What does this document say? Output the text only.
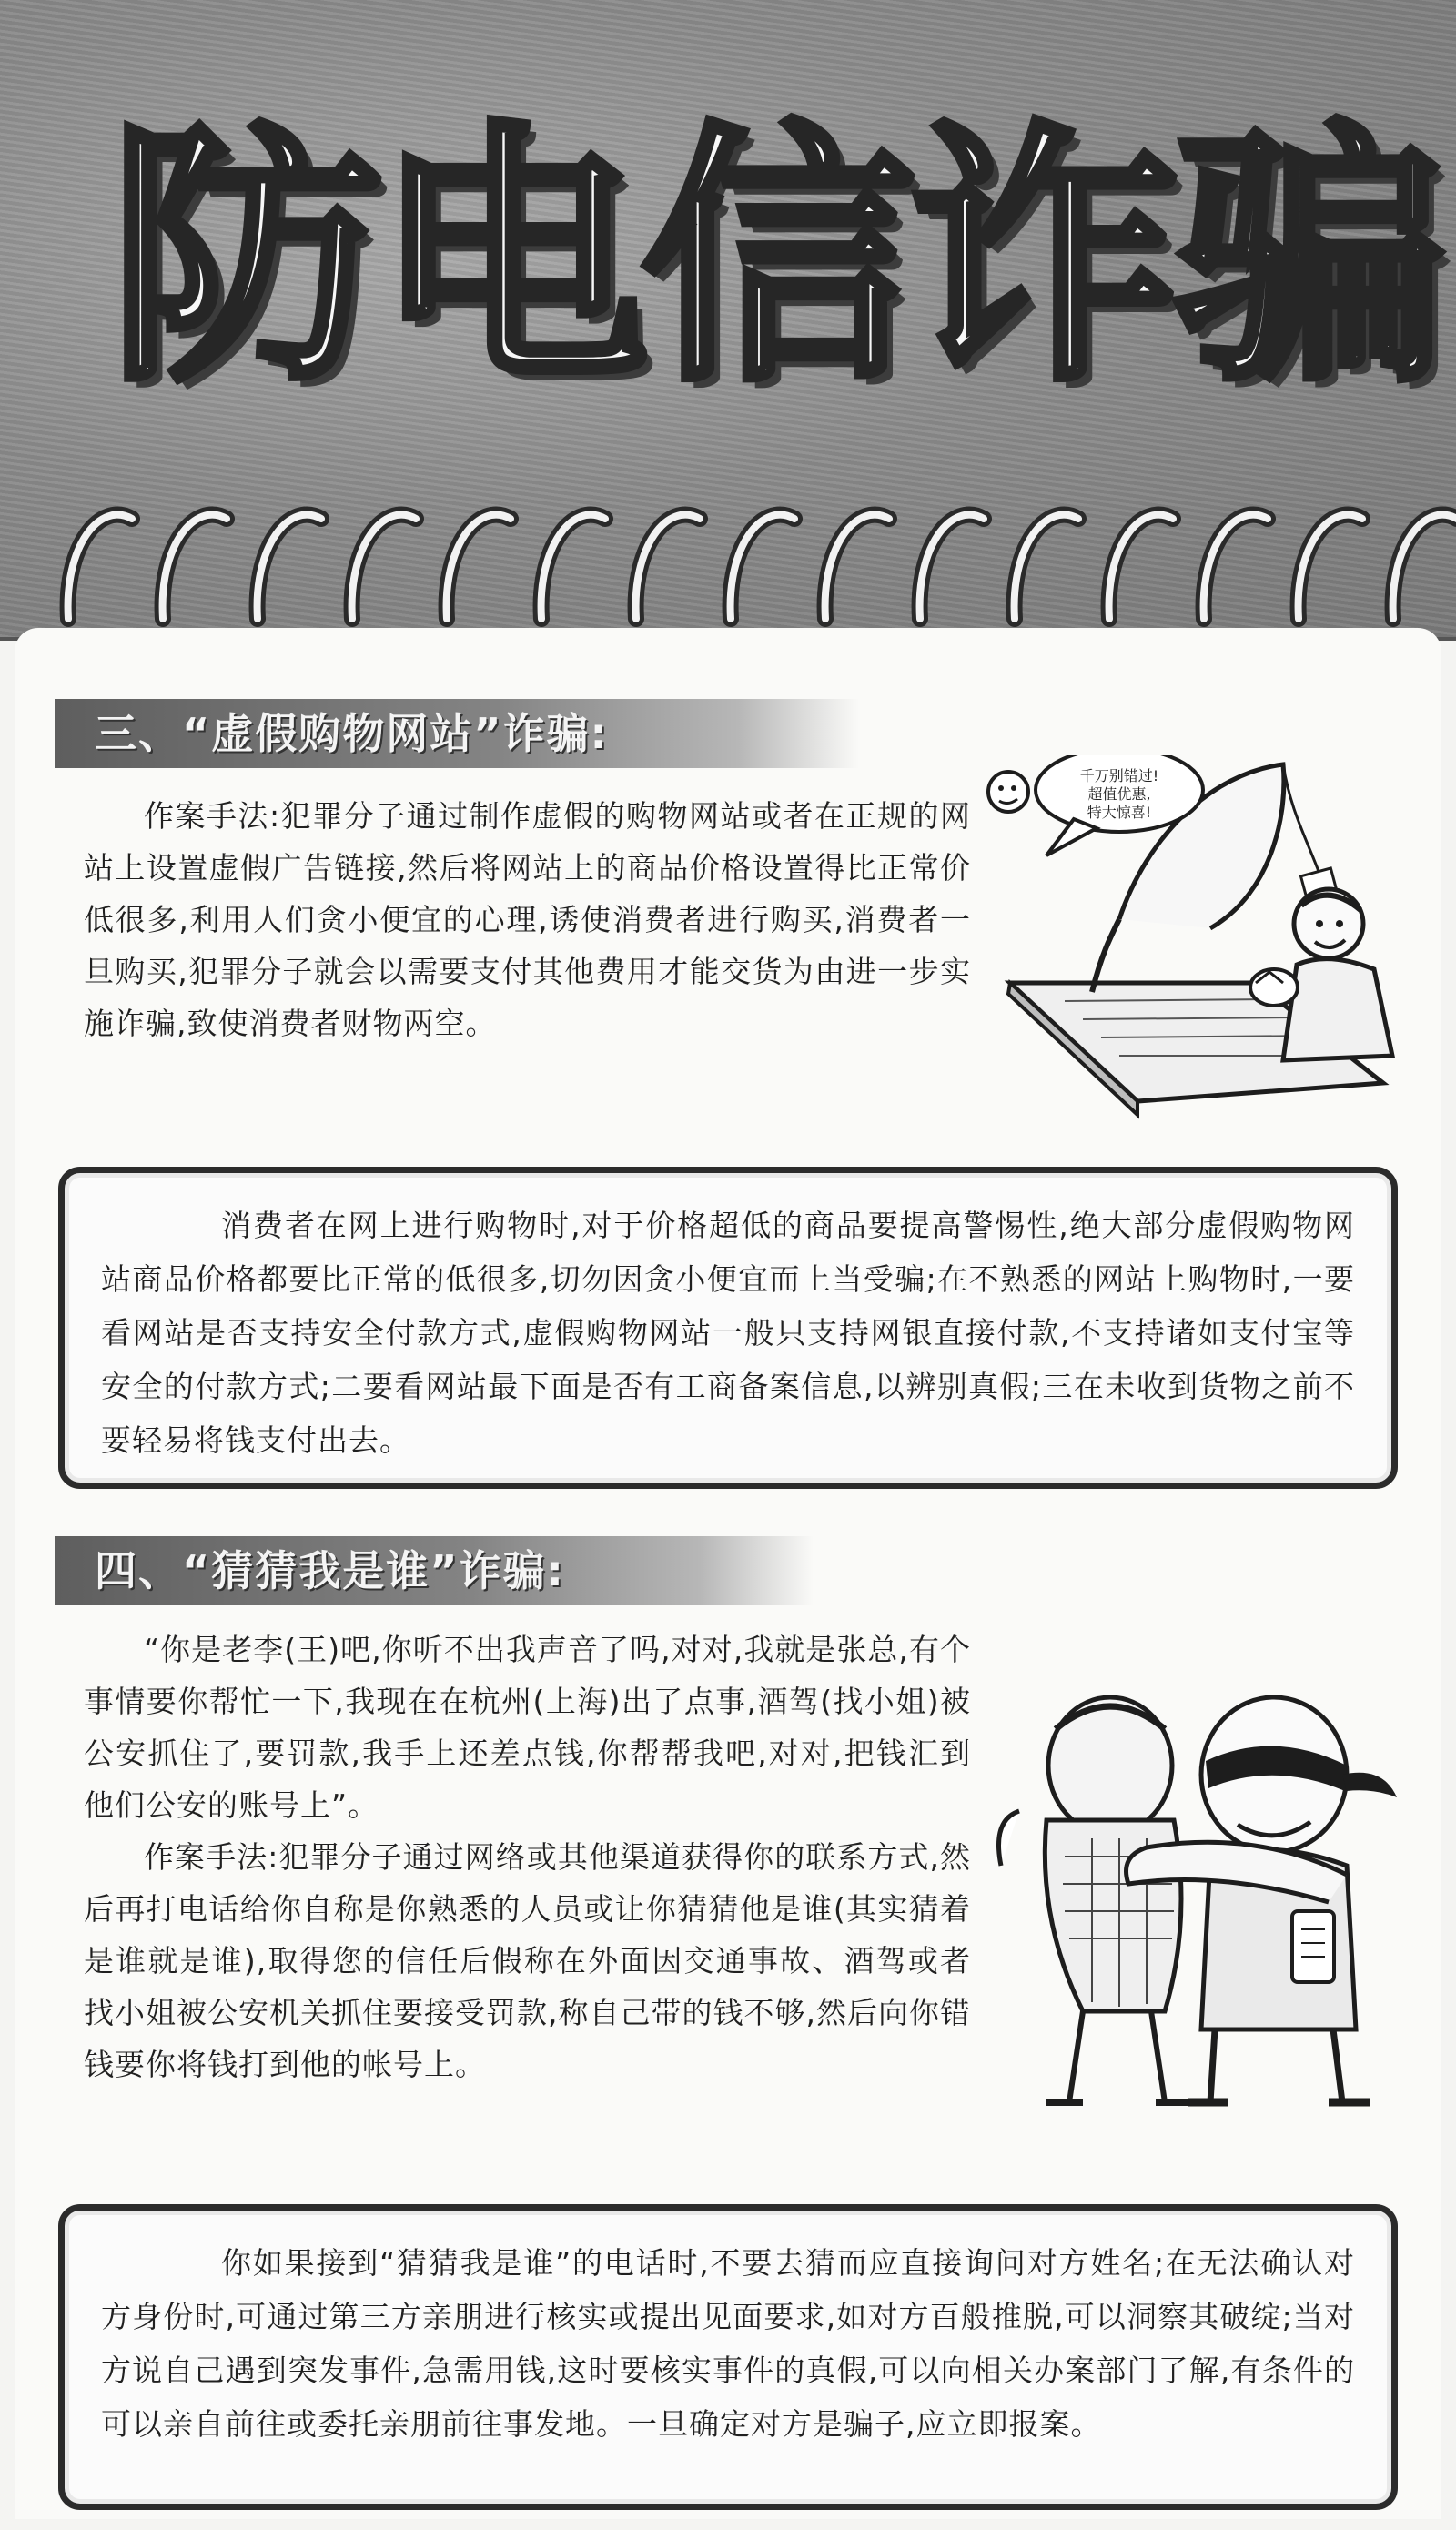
防 电 信 诈 骗
三、“虚假购物网站”诈骗:

作案手法:犯罪分子通过制作虚假的购物网站或者在正规的网站上设置虚假广告链接,然后将网站上的商品价格设置得比正常价低很多,利用人们贪小便宜的心理,诱使消费者进行购买,消费者一旦购买,犯罪分子就会以需要支付其他费用才能交货为由进一步实施诈骗,致使消费者财物两空。

千万别错过!
超值优惠,
特大惊喜!

消费者在网上进行购物时,对于价格超低的商品要提高警惕性,绝大部分虚假购物网站商品价格都要比正常的低很多,切勿因贪小便宜而上当受骗;在不熟悉的网站上购物时,一要看网站是否支持安全付款方式,虚假购物网站一般只支持网银直接付款,不支持诸如支付宝等安全的付款方式;二要看网站最下面是否有工商备案信息,以辨别真假;三在未收到货物之前不要轻易将钱支付出去。

四、“猜猜我是谁”诈骗:

“你是老李(王)吧,你听不出我声音了吗,对对,我就是张总,有个事情要你帮忙一下,我现在在杭州(上海)出了点事,酒驾(找小姐)被公安抓住了,要罚款,我手上还差点钱,你帮帮我吧,对对,把钱汇到他们公安的账号上”。

作案手法:犯罪分子通过网络或其他渠道获得你的联系方式,然后再打电话给你自称是你熟悉的人员或让你猜猜他是谁(其实猜着是谁就是谁),取得您的信任后假称在外面因交通事故、酒驾或者找小姐被公安机关抓住要接受罚款,称自己带的钱不够,然后向你错钱要你将钱打到他的帐号上。

你如果接到“猜猜我是谁”的电话时,不要去猜而应直接询问对方姓名;在无法确认对方身份时,可通过第三方亲朋进行核实或提出见面要求,如对方百般推脱,可以洞察其破绽;当对方说自己遇到突发事件,急需用钱,这时要核实事件的真假,可以向相关办案部门了解,有条件的可以亲自前往或委托亲朋前往事发地。一旦确定对方是骗子,应立即报案。
